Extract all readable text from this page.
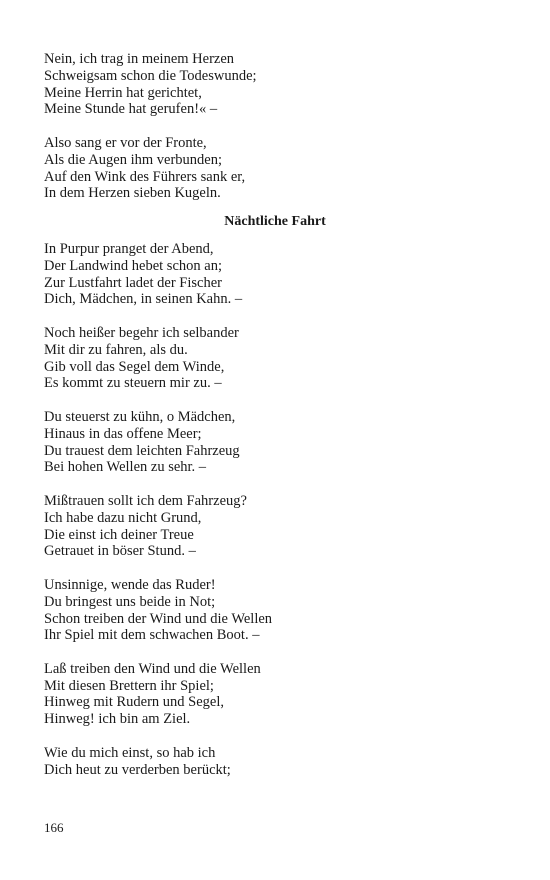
Nein, ich trag in meinem Herzen
Schweigsam schon die Todeswunde;
Meine Herrin hat gerichtet,
Meine Stunde hat gerufen!« –
Also sang er vor der Fronte,
Als die Augen ihm verbunden;
Auf den Wink des Führers sank er,
In dem Herzen sieben Kugeln.
Nächtliche Fahrt
In Purpur pranget der Abend,
Der Landwind hebet schon an;
Zur Lustfahrt ladet der Fischer
Dich, Mädchen, in seinen Kahn. –
Noch heißer begehr ich selbander
Mit dir zu fahren, als du.
Gib voll das Segel dem Winde,
Es kommt zu steuern mir zu. –
Du steuerst zu kühn, o Mädchen,
Hinaus in das offene Meer;
Du trauest dem leichten Fahrzeug
Bei hohen Wellen zu sehr. –
Mißtrauen sollt ich dem Fahrzeug?
Ich habe dazu nicht Grund,
Die einst ich deiner Treue
Getrauet in böser Stund. –
Unsinnige, wende das Ruder!
Du bringest uns beide in Not;
Schon treiben der Wind und die Wellen
Ihr Spiel mit dem schwachen Boot. –
Laß treiben den Wind und die Wellen
Mit diesen Brettern ihr Spiel;
Hinweg mit Rudern und Segel,
Hinweg! ich bin am Ziel.
Wie du mich einst, so hab ich
Dich heut zu verderben berückt;
166
